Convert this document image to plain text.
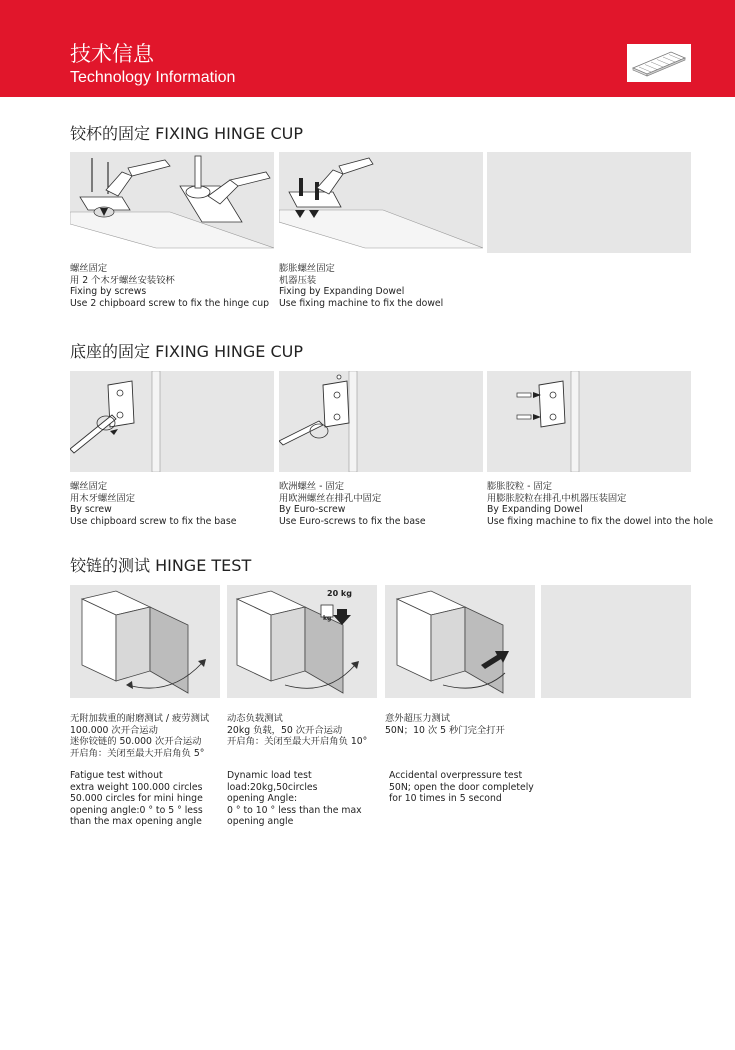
技术信息
Technology Information
铰杯的固定 FIXING HINGE CUP
螺丝固定
用 2 个木牙螺丝安装铰杯
Fixing by screws
Use 2 chipboard screw to fix the hinge cup
膨胀螺丝固定
机器压装
Fixing by Expanding Dowel
Use fixing machine to fix the dowel
底座的固定 FIXING HINGE CUP
螺丝固定
用木牙螺丝固定
By screw
Use chipboard screw to fix the base
欧洲螺丝 - 固定
用欧洲螺丝在排孔中固定
By Euro-screw
Use Euro-screws to fix the base
膨胀胶粒 - 固定
用膨胀胶粒在排孔中机器压装固定
By Expanding Dowel
Use fixing machine to fix the dowel into the hole
铰链的测试 HINGE TEST
20 kg
kg
无附加载重的耐磨测试 / 疲劳测试
100.000 次开合运动
迷你铰链的 50.000 次开合运动
开启角：关闭至最大开启角负 5°
动态负载测试
20kg 负载，50 次开合运动
开启角：关闭至最大开启角负 10°
意外超压力测试
50N；10 次 5 秒门完全打开
Fatigue test without
extra weight 100.000 circles
50.000 circles for mini hinge
opening angle:0 ° to 5 ° less
than the max opening angle
Dynamic load test
load:20kg,50circles
opening Angle:
0 ° to 10 ° less than the max
opening angle
Accidental overpressure test
50N; open the door completely
for 10 times in 5 second
